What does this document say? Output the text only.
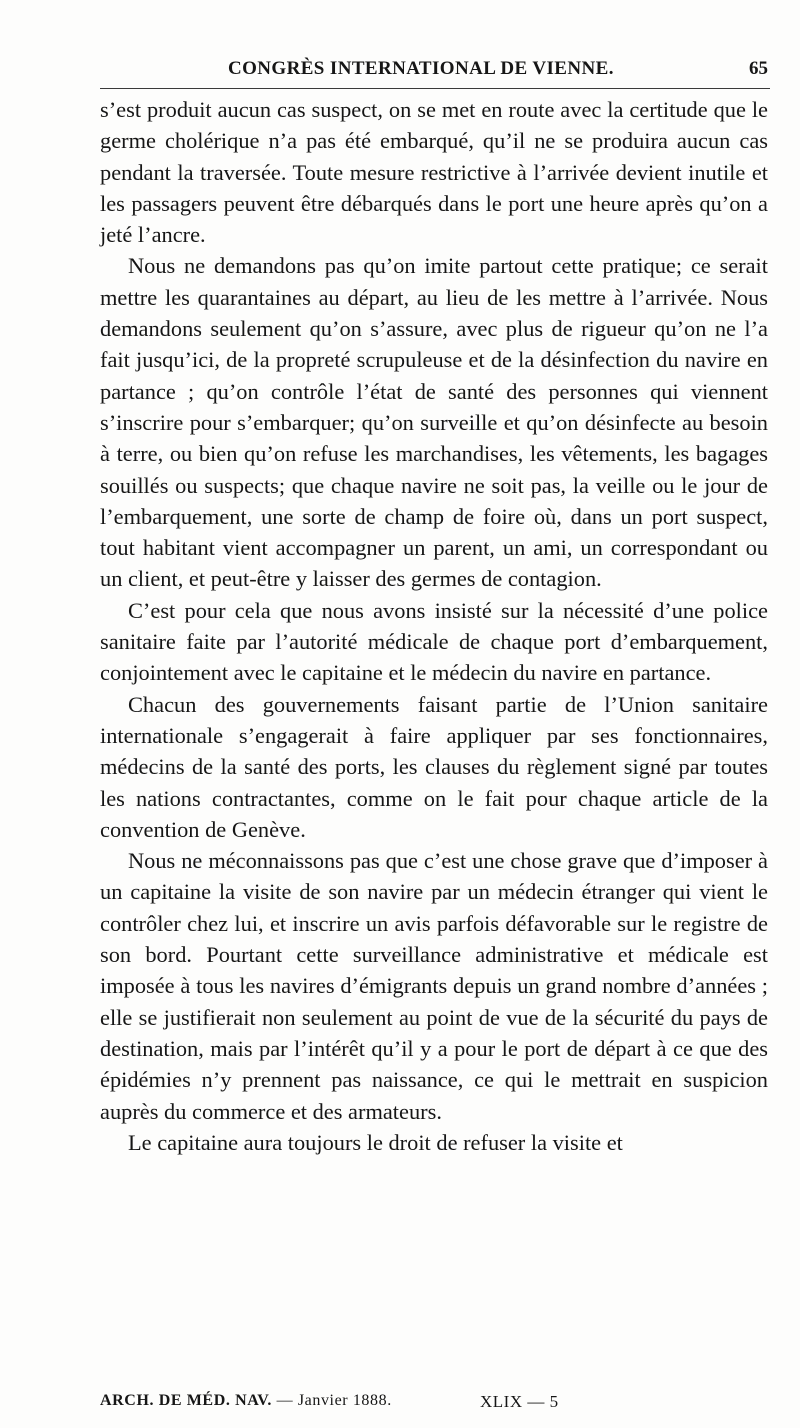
CONGRÈS INTERNATIONAL DE VIENNE.	65

s’est produit aucun cas suspect, on se met en route avec la certitude que le germe cholérique n’a pas été embarqué, qu’il ne se produira aucun cas pendant la traversée. Toute mesure restrictive à l’arrivée devient inutile et les passagers peuvent être débarqués dans le port une heure après qu’on a jeté l’ancre.

Nous ne demandons pas qu’on imite partout cette pratique; ce serait mettre les quarantaines au départ, au lieu de les mettre à l’arrivée. Nous demandons seulement qu’on s’assure, avec plus de rigueur qu’on ne l’a fait jusqu’ici, de la propreté scrupuleuse et de la désinfection du navire en partance ; qu’on contrôle l’état de santé des personnes qui viennent s’inscrire pour s’embarquer; qu’on surveille et qu’on désinfecte au besoin à terre, ou bien qu’on refuse les marchandises, les vêtements, les bagages souillés ou suspects; que chaque navire ne soit pas, la veille ou le jour de l’embarquement, une sorte de champ de foire où, dans un port suspect, tout habitant vient accompagner un parent, un ami, un correspondant ou un client, et peut-être y laisser des germes de contagion.

C’est pour cela que nous avons insisté sur la nécessité d’une police sanitaire faite par l’autorité médicale de chaque port d’embarquement, conjointement avec le capitaine et le médecin du navire en partance.

Chacun des gouvernements faisant partie de l’Union sanitaire internationale s’engagerait à faire appliquer par ses fonctionnaires, médecins de la santé des ports, les clauses du règlement signé par toutes les nations contractantes, comme on le fait pour chaque article de la convention de Genève.

Nous ne méconnaissons pas que c’est une chose grave que d’imposer à un capitaine la visite de son navire par un médecin étranger qui vient le contrôler chez lui, et inscrire un avis parfois défavorable sur le registre de son bord. Pourtant cette surveillance administrative et médicale est imposée à tous les navires d’émigrants depuis un grand nombre d’années ; elle se justifierait non seulement au point de vue de la sécurité du pays de destination, mais par l’intérêt qu’il y a pour le port de départ à ce que des épidémies n’y prennent pas naissance, ce qui le mettrait en suspicion auprès du commerce et des armateurs.

Le capitaine aura toujours le droit de refuser la visite et

ARCH. DE MÉD. NAV. — Janvier 1888.	XLIX — 5
